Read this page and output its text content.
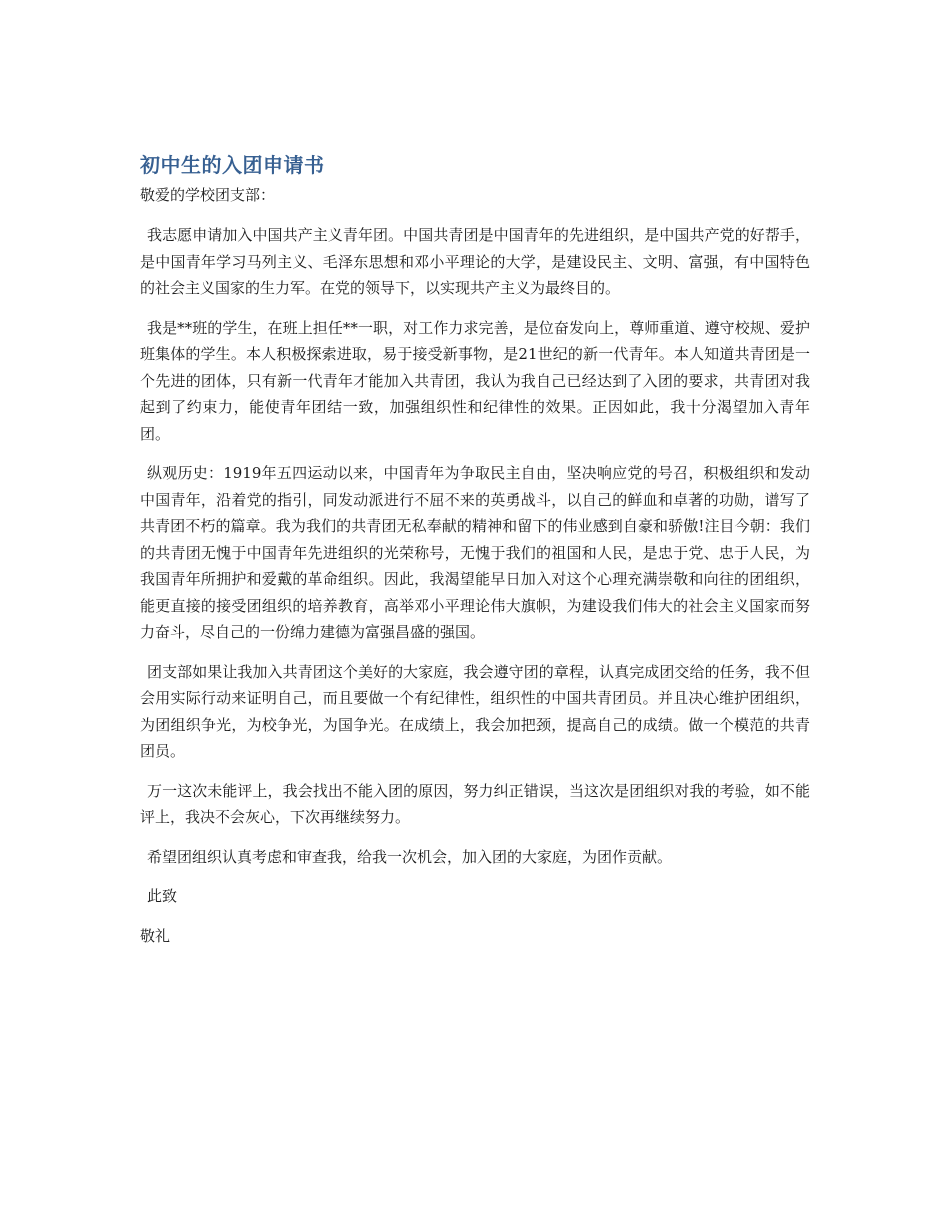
初中生的入团申请书

敬爱的学校团支部：

我志愿申请加入中国共产主义青年团。中国共青团是中国青年的先进组织，是中国共产党的好帮手，是中国青年学习马列主义、毛泽东思想和邓小平理论的大学，是建设民主、文明、富强，有中国特色的社会主义国家的生力军。在党的领导下，以实现共产主义为最终目的。

我是**班的学生，在班上担任**一职，对工作力求完善，是位奋发向上，尊师重道、遵守校规、爱护班集体的学生。本人积极探索进取，易于接受新事物，是21世纪的新一代青年。本人知道共青团是一个先进的团体，只有新一代青年才能加入共青团，我认为我自己已经达到了入团的要求，共青团对我起到了约束力，能使青年团结一致，加强组织性和纪律性的效果。正因如此，我十分渴望加入青年团。

纵观历史：1919年五四运动以来，中国青年为争取民主自由，坚决响应党的号召，积极组织和发动中国青年，沿着党的指引，同发动派进行不屈不来的英勇战斗，以自己的鲜血和卓著的功勋，谱写了共青团不朽的篇章。我为我们的共青团无私奉献的精神和留下的伟业感到自豪和骄傲!注目今朝：我们的共青团无愧于中国青年先进组织的光荣称号，无愧于我们的祖国和人民，是忠于党、忠于人民，为我国青年所拥护和爱戴的革命组织。因此，我渴望能早日加入对这个心理充满崇敬和向往的团组织，能更直接的接受团组织的培养教育，高举邓小平理论伟大旗帜，为建设我们伟大的社会主义国家而努力奋斗，尽自己的一份绵力建德为富强昌盛的强国。

团支部如果让我加入共青团这个美好的大家庭，我会遵守团的章程，认真完成团交给的任务，我不但会用实际行动来证明自己，而且要做一个有纪律性，组织性的中国共青团员。并且决心维护团组织，为团组织争光，为校争光，为国争光。在成绩上，我会加把颈，提高自己的成绩。做一个模范的共青团员。

万一这次未能评上，我会找出不能入团的原因，努力纠正错误，当这次是团组织对我的考验，如不能评上，我决不会灰心，下次再继续努力。

希望团组织认真考虑和审查我，给我一次机会，加入团的大家庭，为团作贡献。

此致

敬礼
